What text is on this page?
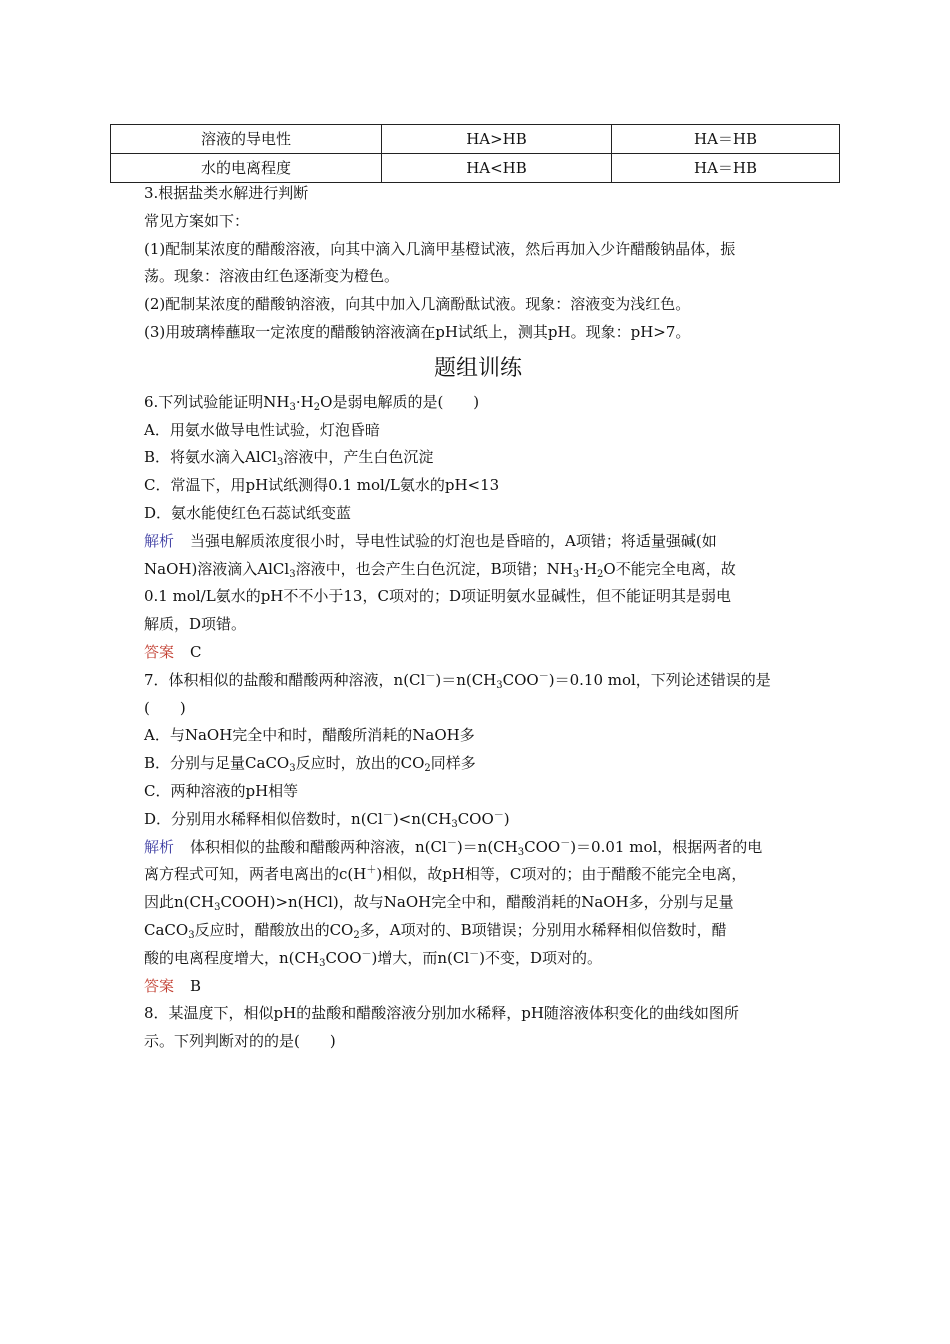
溶液的导电性	HA>HB	HA＝HB
水的电离程度	HA<HB	HA＝HB
3.根据盐类水解进行判断
常见方案如下：
(1)配制某浓度的醋酸溶液，向其中滴入几滴甲基橙试液，然后再加入少许醋酸钠晶体，振
荡。现象：溶液由红色逐渐变为橙色。
(2)配制某浓度的醋酸钠溶液，向其中加入几滴酚酞试液。现象：溶液变为浅红色。
(3)用玻璃棒蘸取一定浓度的醋酸钠溶液滴在pH试纸上，测其pH。现象：pH>7。
题组训练
6.下列试验能证明$NH_3\cdot H_2O$是弱电解质的是(　　)
A．用氨水做导电性试验，灯泡昏暗
B．将氨水滴入AlCl$_3$溶液中，产生白色沉淀
C．常温下，用pH试纸测得0.1 mol/L氨水的pH<13
D．氨水能使红色石蕊试纸变蓝
解析 当强电解质浓度很小时，导电性试验的灯泡也是昏暗的，A项错；将适量强碱(如
NaOH)溶液滴入AlCl$_3$溶液中，也会产生白色沉淀，B项错；$NH_3\cdot H_2O$不能完全电离，故
0.1 mol/L氨水的pH不不小于13，C项对的；D项证明氨水显碱性，但不能证明其是弱电
解质，D项错。
答案 C
7．体积相似的盐酸和醋酸两种溶液，$n(Cl^-)=n(CH_3COO^-)=0.10$ mol，下列论述错误的是
(　　)
A．与NaOH完全中和时，醋酸所消耗的NaOH多
B．分别与足量CaCO$_3$反应时，放出的$CO_2$同样多
C．两种溶液的pH相等
D．分别用水稀释相似倍数时，$n(Cl^-)<n(CH_3COO^-)$
解析 体积相似的盐酸和醋酸两种溶液，$n(Cl^-)=n(CH_3COO^-)=0.01$ mol，根据两者的电
离方程式可知，两者电离出的c(H＋)相似，故pH相等，C项对的；由于醋酸不能完全电离，
因此$n(CH_3COOH)>n(HCl)$，故与NaOH完全中和，醋酸消耗的NaOH多，分别与足量
CaCO$_3$反应时，醋酸放出的$CO_2$多，A项对的、B项错误；分别用水稀释相似倍数时，醋
酸的电离程度增大，$n(CH_3COO^-)$增大，而n(Cl－)不变，D项对的。
答案 B
8．某温度下，相似pH的盐酸和醋酸溶液分别加水稀释，pH随溶液体积变化的曲线如图所
示。下列判断对的的是(　　)
